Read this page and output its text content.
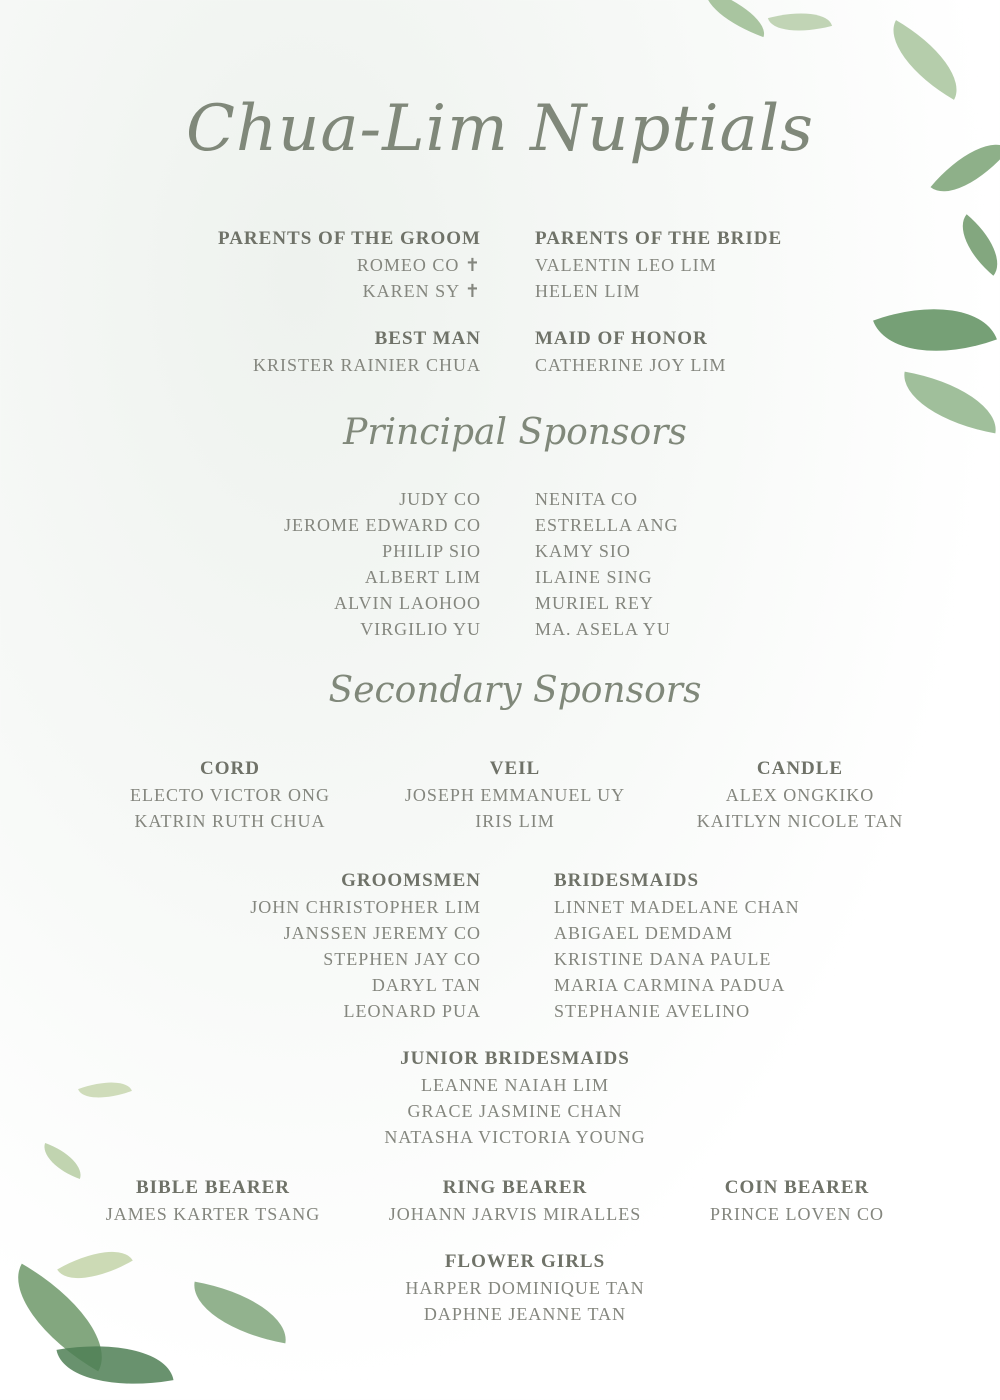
Chua-Lim Nuptials
PARENTS OF THE GROOM
ROMEO CO ✝
KAREN SY ✝
PARENTS OF THE BRIDE
VALENTIN LEO LIM
HELEN LIM
BEST MAN
KRISTER RAINIER CHUA
MAID OF HONOR
CATHERINE JOY LIM
Principal Sponsors
JUDY CO
JEROME EDWARD CO
PHILIP SIO
ALBERT LIM
ALVIN LAOHOO
VIRGILIO YU
NENITA CO
ESTRELLA ANG
KAMY SIO
ILAINE SING
MURIEL REY
MA. ASELA YU
Secondary Sponsors
CORD
ELECTO VICTOR ONG
KATRIN RUTH CHUA
VEIL
JOSEPH EMMANUEL UY
IRIS LIM
CANDLE
ALEX ONGKIKO
KAITLYN NICOLE TAN
GROOMSMEN
JOHN CHRISTOPHER LIM
JANSSEN JEREMY CO
STEPHEN JAY CO
DARYL TAN
LEONARD PUA
BRIDESMAIDS
LINNET MADELANE CHAN
ABIGAEL DEMDAM
KRISTINE DANA PAULE
MARIA CARMINA PADUA
STEPHANIE AVELINO
JUNIOR BRIDESMAIDS
LEANNE NAIAH LIM
GRACE JASMINE CHAN
NATASHA VICTORIA YOUNG
BIBLE BEARER
JAMES KARTER TSANG
RING BEARER
JOHANN JARVIS MIRALLES
COIN BEARER
PRINCE LOVEN CO
FLOWER GIRLS
HARPER DOMINIQUE TAN
DAPHNE JEANNE TAN
